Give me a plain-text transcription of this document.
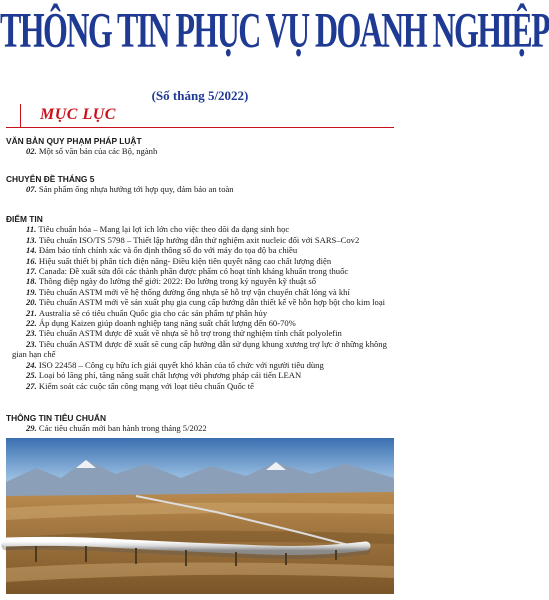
THÔNG TIN PHỤC VỤ DOANH NGHIỆP
(Số tháng 5/2022)
MỤC LỤC
VĂN BẢN QUY PHẠM PHÁP LUẬT
02. Một số văn bản của các Bộ, ngành
CHUYÊN ĐỀ THÁNG 5
07. Sản phẩm ống nhựa hướng tới hợp quy, đảm bảo an toàn
ĐIỂM TIN
11. Tiêu chuẩn hóa – Mang lại lợi ích lớn cho việc theo dõi đa dạng sinh học
13. Tiêu chuẩn ISO/TS 5798 – Thiết lập hướng dẫn thử nghiệm axit nucleic đối với SARS–Cov2
14. Đảm bảo tính chính xác và ổn định thông số đo với máy đo tọa độ ba chiều
16. Hiệu suất thiết bị phân tích điện năng- Điều kiện tiên quyết nâng cao chất lượng điện
17. Canada: Đề xuất sửa đổi các thành phần được phẩm có hoạt tính kháng khuẩn trong thuốc
18. Thông điệp ngày đo lường thế giới: 2022: Đo lường trong kỷ nguyên kỹ thuật số
19. Tiêu chuẩn ASTM mới về hệ thống đường ống nhựa sẽ hỗ trợ vận chuyển chất lỏng và khí
20. Tiêu chuẩn ASTM mới về sản xuất phụ gia cung cấp hướng dẫn thiết kế về hỗn hợp bột cho kim loại
21. Australia sẽ có tiêu chuẩn Quốc gia cho các sản phẩm tự phân hủy
22. Áp dụng Kaizen giúp doanh nghiệp tang năng suất chất lượng đến 60-70%
23. Tiêu chuẩn ASTM được đề xuất về nhựa sẽ hỗ trợ trong thử nghiệm tính chất polyolefin
23. Tiêu chuẩn ASTM được đề xuất sẽ cung cấp hướng dẫn sử dụng khung xương trợ lực ở những không gian hạn chế
24. ISO 22458 – Công cụ hữu ích giải quyết khó khăn của tổ chức với người tiêu dùng
25. Loại bỏ lãng phí, tăng năng suất chất lượng với phương pháp cải tiến LEAN
27. Kiểm soát các cuộc tấn công mạng với loạt tiêu chuẩn Quốc tế
THÔNG TIN TIÊU CHUẨN
29. Các tiêu chuẩn mới ban hành trong tháng 5/2022
